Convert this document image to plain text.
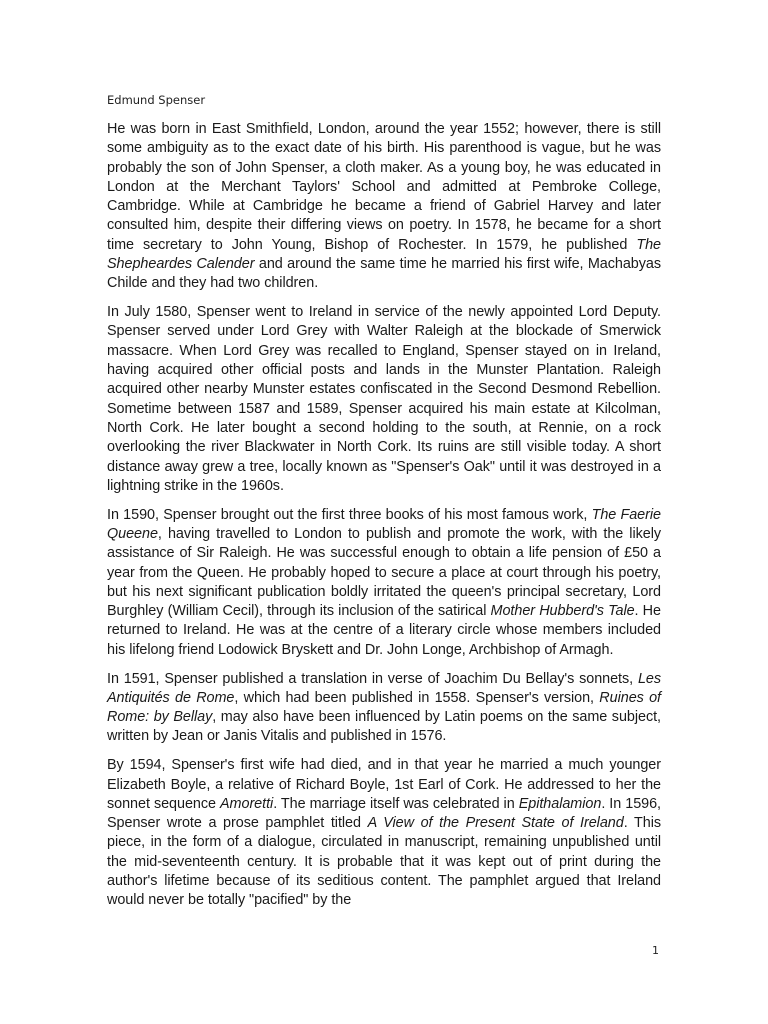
Edmund Spenser

He was born in East Smithfield, London, around the year 1552; however, there is still some ambiguity as to the exact date of his birth. His parenthood is vague, but he was probably the son of John Spenser, a cloth maker. As a young boy, he was educated in London at the Merchant Taylors' School and admitted at Pembroke College, Cambridge. While at Cambridge he became a friend of Gabriel Harvey and later consulted him, despite their differing views on poetry. In 1578, he became for a short time secretary to John Young, Bishop of Rochester. In 1579, he published The Shepheardes Calender and around the same time he married his first wife, Machabyas Childe and they had two children.

In July 1580, Spenser went to Ireland in service of the newly appointed Lord Deputy. Spenser served under Lord Grey with Walter Raleigh at the blockade of Smerwick massacre. When Lord Grey was recalled to England, Spenser stayed on in Ireland, having acquired other official posts and lands in the Munster Plantation. Raleigh acquired other nearby Munster estates confiscated in the Second Desmond Rebellion. Sometime between 1587 and 1589, Spenser acquired his main estate at Kilcolman, North Cork. He later bought a second holding to the south, at Rennie, on a rock overlooking the river Blackwater in North Cork. Its ruins are still visible today. A short distance away grew a tree, locally known as "Spenser's Oak" until it was destroyed in a lightning strike in the 1960s.

In 1590, Spenser brought out the first three books of his most famous work, The Faerie Queene, having travelled to London to publish and promote the work, with the likely assistance of Sir Raleigh. He was successful enough to obtain a life pension of £50 a year from the Queen. He probably hoped to secure a place at court through his poetry, but his next significant publication boldly irritated the queen's principal secretary, Lord Burghley (William Cecil), through its inclusion of the satirical Mother Hubberd's Tale. He returned to Ireland. He was at the centre of a literary circle whose members included his lifelong friend Lodowick Bryskett and Dr. John Longe, Archbishop of Armagh.

In 1591, Spenser published a translation in verse of Joachim Du Bellay's sonnets, Les Antiquités de Rome, which had been published in 1558. Spenser's version, Ruines of Rome: by Bellay, may also have been influenced by Latin poems on the same subject, written by Jean or Janis Vitalis and published in 1576.

By 1594, Spenser's first wife had died, and in that year he married a much younger Elizabeth Boyle, a relative of Richard Boyle, 1st Earl of Cork. He addressed to her the sonnet sequence Amoretti. The marriage itself was celebrated in Epithalamion. In 1596, Spenser wrote a prose pamphlet titled A View of the Present State of Ireland. This piece, in the form of a dialogue, circulated in manuscript, remaining unpublished until the mid-seventeenth century. It is probable that it was kept out of print during the author's lifetime because of its seditious content. The pamphlet argued that Ireland would never be totally "pacified" by the

1
